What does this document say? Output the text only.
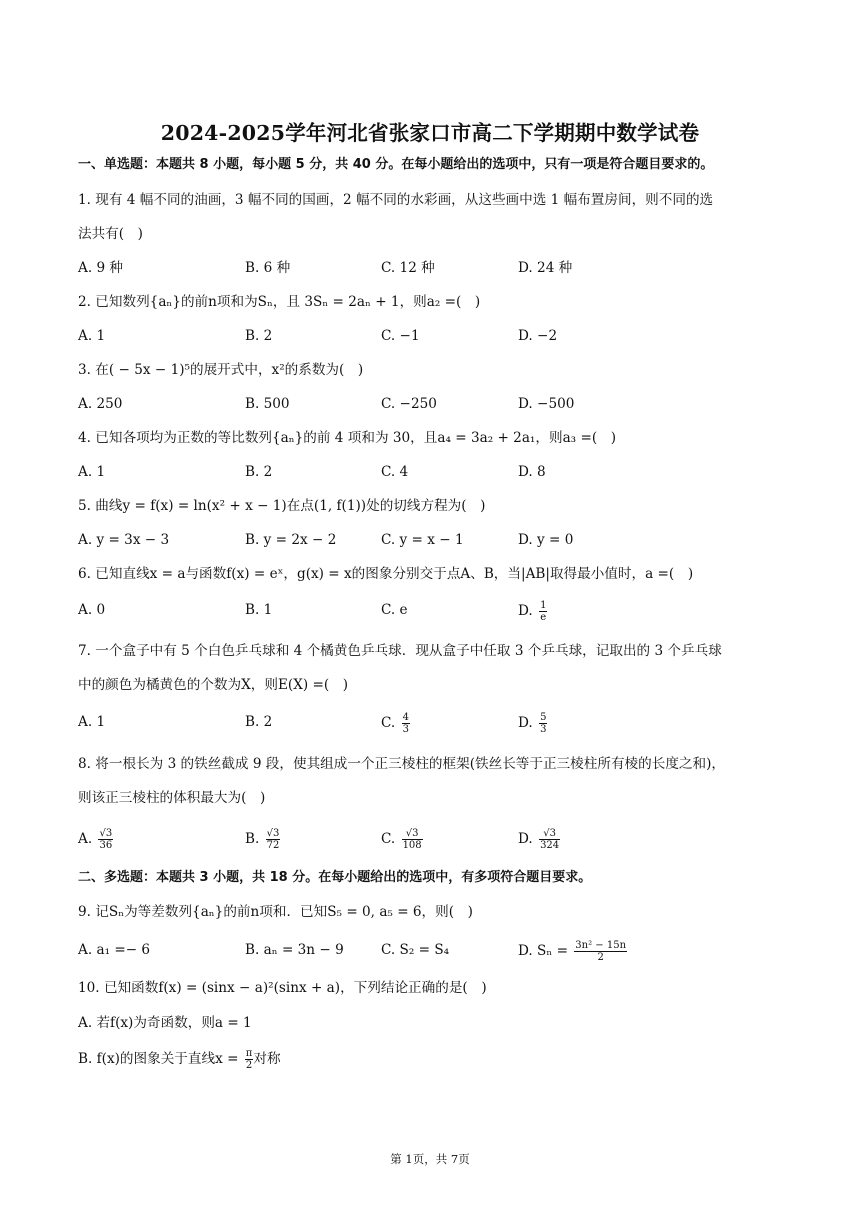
2024-2025学年河北省张家口市高二下学期期中数学试卷
一、单选题：本题共 8 小题，每小题 5 分，共 40 分。在每小题给出的选项中，只有一项是符合题目要求的。
1. 现有 4 幅不同的油画，3 幅不同的国画，2 幅不同的水彩画，从这些画中选 1 幅布置房间，则不同的选
法共有(　)
A. 9 种	B. 6 种	C. 12 种	D. 24 种
2. 已知数列{aₙ}的前n项和为Sₙ，且 3Sₙ = 2aₙ + 1，则a₂ =(　)
A. 1	B. 2	C. −1	D. −2
3. 在( − 5x − 1)⁵的展开式中，x²的系数为(　)
A. 250	B. 500	C. −250	D. −500
4. 已知各项均为正数的等比数列{aₙ}的前 4 项和为 30，且a₄ = 3a₂ + 2a₁，则a₃ =(　)
A. 1	B. 2	C. 4	D. 8
5. 曲线y = f(x) = ln(x² + x − 1)在点(1, f(1))处的切线方程为(　)
A. y = 3x − 3	B. y = 2x − 2	C. y = x − 1	D. y = 0
6. 已知直线x = a与函数f(x) = eˣ，g(x) = x的图象分别交于点A、B，当|AB|取得最小值时，a =(　)
A. 0	B. 1	C. e	D. $\frac{1}{e}$
7. 一个盒子中有 5 个白色乒乓球和 4 个橘黄色乒乓球．现从盒子中任取 3 个乒乓球，记取出的 3 个乒乓球
中的颜色为橘黄色的个数为X，则E(X) =(　)
A. 1	B. 2	C. $\frac{4}{3}$	D. $\frac{5}{3}$
8. 将一根长为 3 的铁丝截成 9 段，使其组成一个正三棱柱的框架(铁丝长等于正三棱柱所有棱的长度之和)，
则该正三棱柱的体积最大为(　)
A. $\frac{√3}{36}$	B. $\frac{√3}{72}$	C. $\frac{√3}{108}$	D. $\frac{√3}{324}$
二、多选题：本题共 3 小题，共 18 分。在每小题给出的选项中，有多项符合题目要求。
9. 记Sₙ为等差数列{aₙ}的前n项和．已知S₅ = 0, a₅ = 6，则(　)
A. a₁ =− 6	B. aₙ = 3n − 9	C. S₂ = S₄	D. $S_n = \frac{\text{3n² − 15n}}{2}$
10. 已知函数f(x) = (sinx − a)²(sinx + a)，下列结论正确的是(　)
A. 若f(x)为奇函数，则a = 1
B. f(x)的图象关于直线$x = \frac{\pi}{2}$ 对称
第 1页，共 7页
